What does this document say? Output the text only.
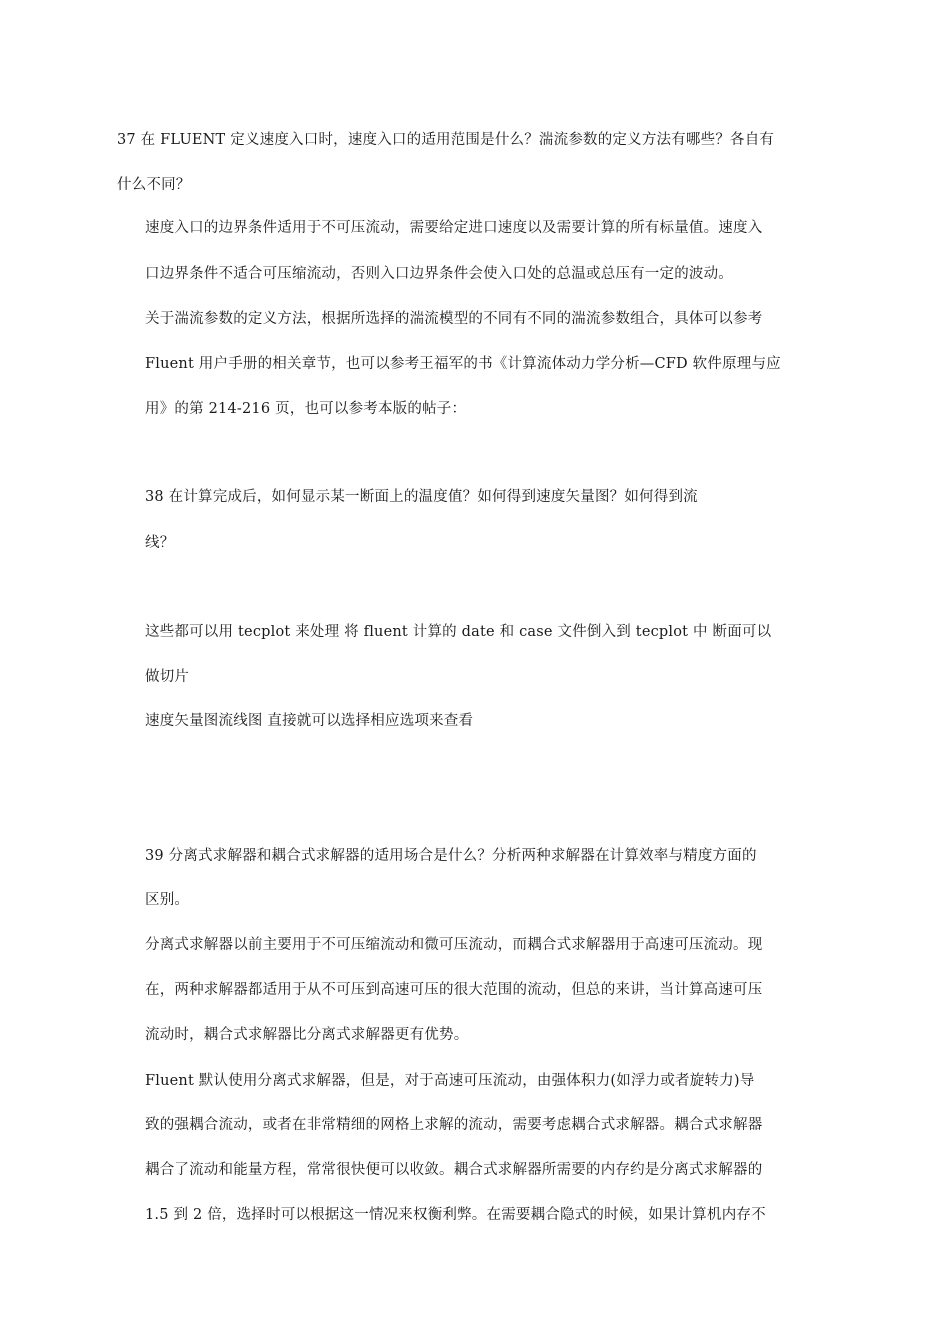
37 在 FLUENT 定义速度入口时，速度入口的适用范围是什么？湍流参数的定义方法有哪些？各自有

什么不同？

速度入口的边界条件适用于不可压流动，需要给定进口速度以及需要计算的所有标量值。速度入

口边界条件不适合可压缩流动，否则入口边界条件会使入口处的总温或总压有一定的波动。

关于湍流参数的定义方法，根据所选择的湍流模型的不同有不同的湍流参数组合，具体可以参考

Fluent 用户手册的相关章节，也可以参考王福军的书《计算流体动力学分析—CFD 软件原理与应

用》的第 214-216 页，也可以参考本版的帖子：

38 在计算完成后，如何显示某一断面上的温度值？如何得到速度矢量图？如何得到流

线？

这些都可以用 tecplot 来处理 将 fluent 计算的 date 和 case 文件倒入到 tecplot 中 断面可以

做切片

速度矢量图流线图 直接就可以选择相应选项来查看

39 分离式求解器和耦合式求解器的适用场合是什么？分析两种求解器在计算效率与精度方面的

区别。

分离式求解器以前主要用于不可压缩流动和微可压流动，而耦合式求解器用于高速可压流动。现

在，两种求解器都适用于从不可压到高速可压的很大范围的流动，但总的来讲，当计算高速可压

流动时，耦合式求解器比分离式求解器更有优势。

Fluent 默认使用分离式求解器，但是，对于高速可压流动，由强体积力(如浮力或者旋转力)导

致的强耦合流动，或者在非常精细的网格上求解的流动，需要考虑耦合式求解器。耦合式求解器

耦合了流动和能量方程，常常很快便可以收敛。耦合式求解器所需要的内存约是分离式求解器的

1.5 到 2 倍，选择时可以根据这一情况来权衡利弊。在需要耦合隐式的时候，如果计算机内存不
